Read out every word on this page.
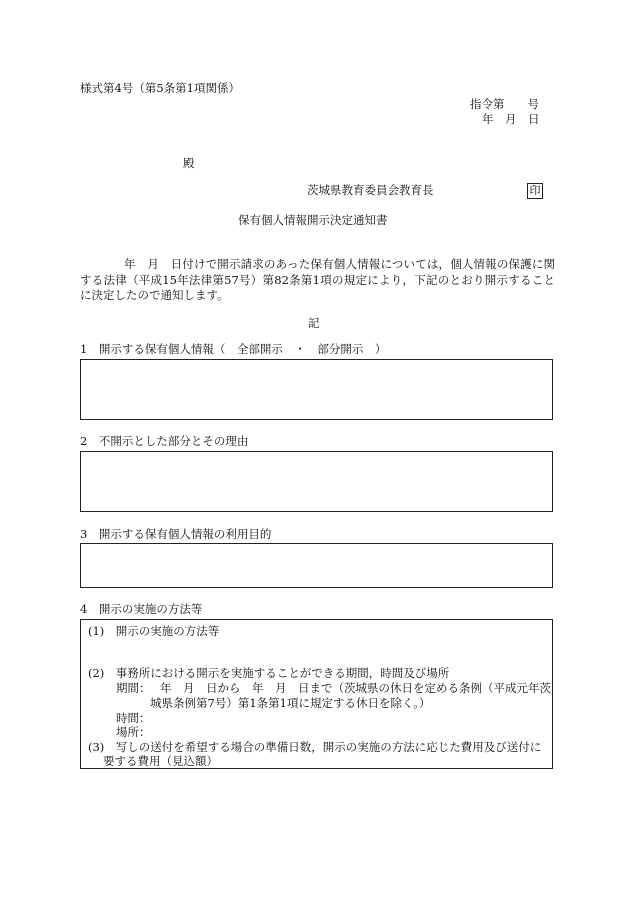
様式第4号（第5条第1項関係）
指令第　　号
年　月　日
殿
茨城県教育委員会教育長	印
保有個人情報開示決定通知書
年　月　日付けで開示請求のあった保有個人情報については，個人情報の保護に関する法律（平成15年法律第57号）第82条第1項の規定により，下記のとおり開示することに決定したので通知します。
記
1　開示する保有個人情報（　全部開示　・　部分開示　）
2　不開示とした部分とその理由
3　開示する保有個人情報の利用目的
4　開示の実施の方法等
(1)　開示の実施の方法等
(2)　事務所における開示を実施することができる期間，時間及び場所
期間： 年　月　日から　年　月　日まで（茨城県の休日を定める条例（平成元年茨
城県条例第7号）第1条第1項に規定する休日を除く。）
時間：
場所：
(3)　写しの送付を希望する場合の準備日数，開示の実施の方法に応じた費用及び送付に
要する費用（見込額）
